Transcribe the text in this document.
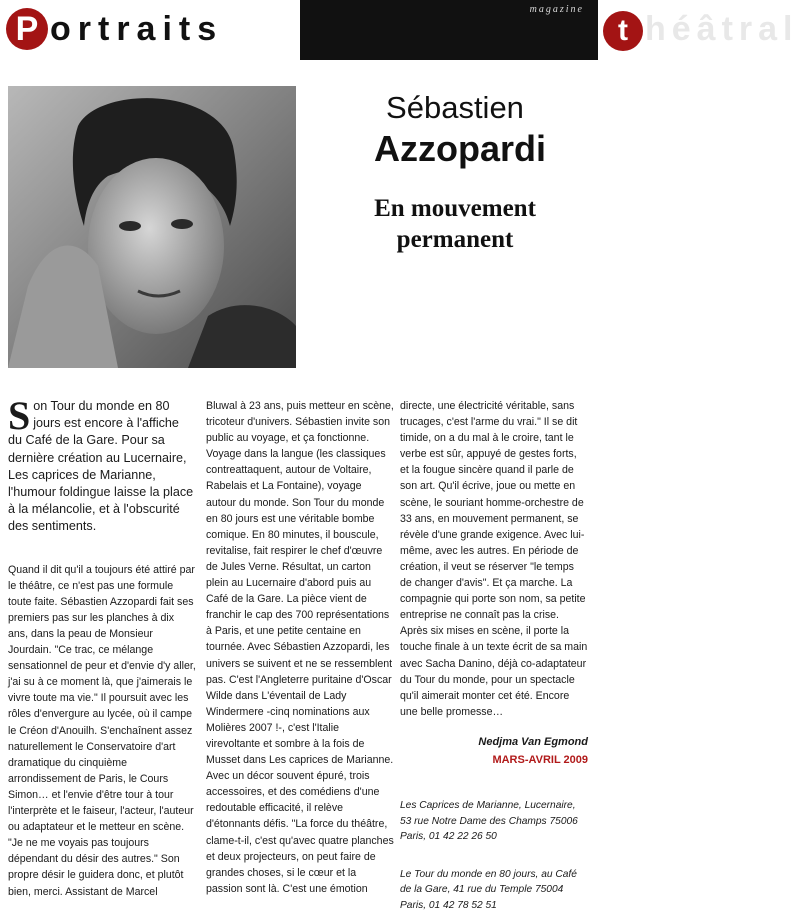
P ortraits
magazine
t héâtral
Sébastien
Azzopardi
En mouvement
permanent

Son Tour du monde en 80 jours est encore à l'affiche du Café de la Gare. Pour sa dernière création au Lucernaire, Les caprices de Marianne, l'humour foldingue laisse la place à la mélancolie, et à l'obscurité des sentiments.

Quand il dit qu'il a toujours été attiré par le théâtre, ce n'est pas une formule toute faite. Sébastien Azzopardi fait ses premiers pas sur les planches à dix ans, dans la peau de Monsieur Jourdain. "Ce trac, ce mélange sensationnel de peur et d'envie d'y aller, j'ai su à ce moment là, que j'aimerais le vivre toute ma vie." Il poursuit avec les rôles d'envergure au lycée, où il campe le Créon d'Anouilh. S'enchaînent assez naturellement le Conservatoire d'art dramatique du cinquième arrondissement de Paris, le Cours Simon… et l'envie d'être tour à tour l'interprète et le faiseur, l'acteur, l'auteur ou adaptateur et le metteur en scène. "Je ne me voyais pas toujours dépendant du désir des autres." Son propre désir le guidera donc, et plutôt bien, merci. Assistant de Marcel

Bluwal à 23 ans, puis metteur en scène, tricoteur d'univers. Sébastien invite son public au voyage, et ça fonctionne. Voyage dans la langue (les classiques contreattaquent, autour de Voltaire, Rabelais et La Fontaine), voyage autour du monde. Son Tour du monde en 80 jours est une véritable bombe comique. En 80 minutes, il bouscule, revitalise, fait respirer le chef d'œuvre de Jules Verne. Résultat, un carton plein au Lucernaire d'abord puis au Café de la Gare. La pièce vient de franchir le cap des 700 représentations à Paris, et une petite centaine en tournée. Avec Sébastien Azzopardi, les univers se suivent et ne se ressemblent pas. C'est l'Angleterre puritaine d'Oscar Wilde dans L'éventail de Lady Windermere -cinq nominations aux Molières 2007 !-, c'est l'Italie virevoltante et sombre à la fois de Musset dans Les caprices de Marianne. Avec un décor souvent épuré, trois accessoires, et des comédiens d'une redoutable efficacité, il relève d'étonnants défis. "La force du théâtre, clame-t-il, c'est qu'avec quatre planches et deux projecteurs, on peut faire de grandes choses, si le cœur et la passion sont là. C'est une émotion

directe, une électricité véritable, sans trucages, c'est l'arme du vrai." Il se dit timide, on a du mal à le croire, tant le verbe est sûr, appuyé de gestes forts, et la fougue sincère quand il parle de son art. Qu'il écrive, joue ou mette en scène, le souriant homme-orchestre de 33 ans, en mouvement permanent, se révèle d'une grande exigence. Avec lui-même, avec les autres. En période de création, il veut se réserver "le temps de changer d'avis". Et ça marche. La compagnie qui porte son nom, sa petite entreprise ne connaît pas la crise. Après six mises en scène, il porte la touche finale à un texte écrit de sa main avec Sacha Danino, déjà co-adaptateur du Tour du monde, pour un spectacle qu'il aimerait monter cet été. Encore une belle promesse…

Nedjma Van Egmond
MARS-AVRIL 2009
Les Caprices de Marianne, Lucernaire, 53 rue Notre Dame des Champs 75006 Paris, 01 42 22 26 50
Le Tour du monde en 80 jours, au Café de la Gare, 41 rue du Temple 75004 Paris, 01 42 78 52 51
